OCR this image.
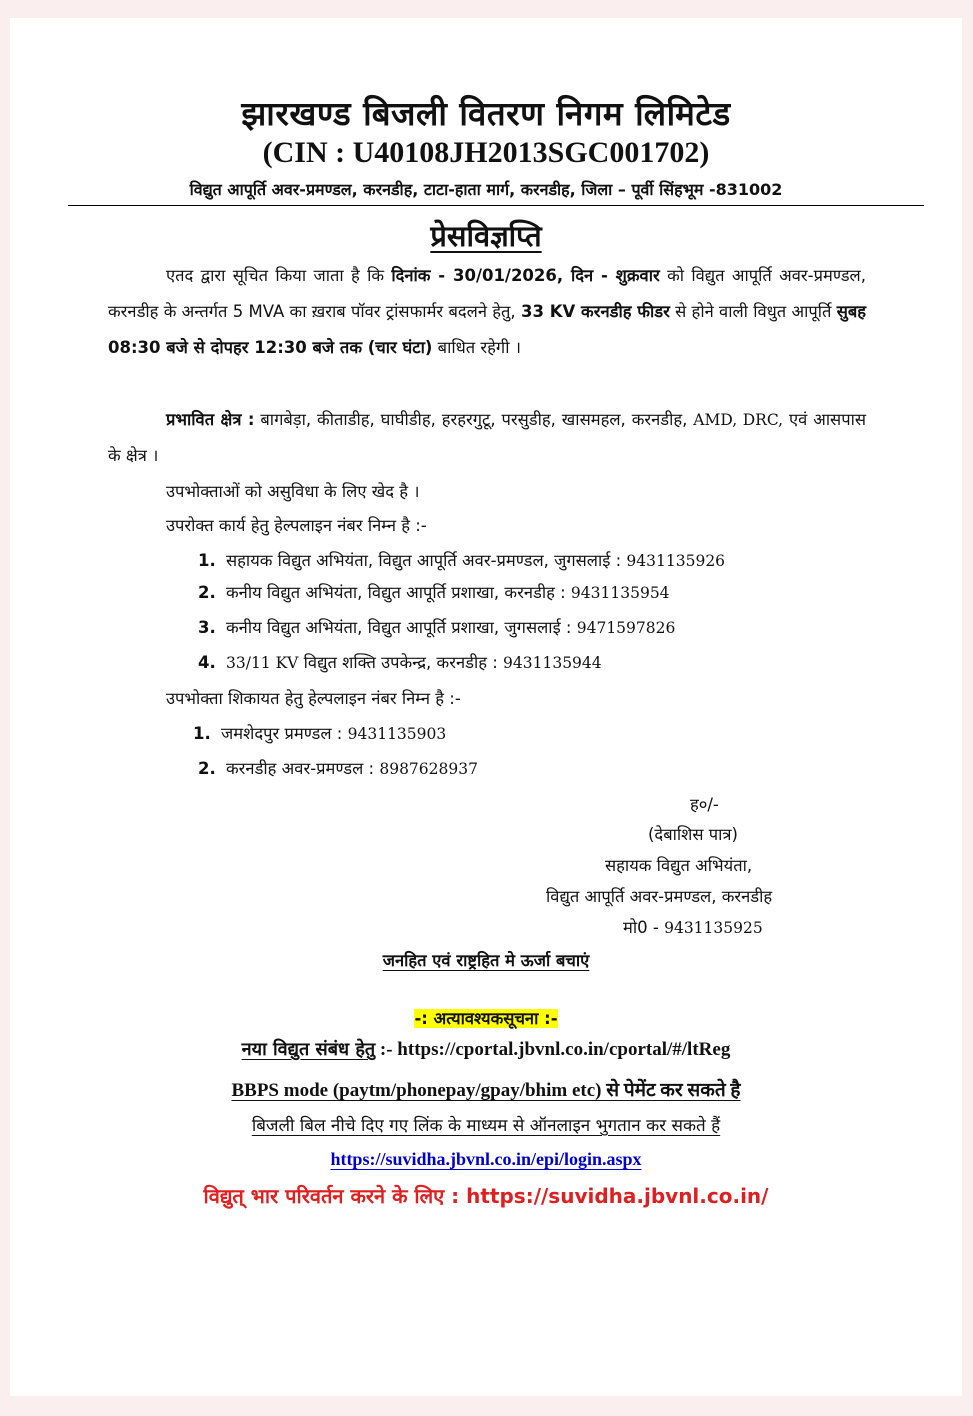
झारखण्ड बिजली वितरण निगम लिमिटेड
(CIN : U40108JH2013SGC001702)
विद्युत आपूर्ति अवर-प्रमण्डल, करनडीह, टाटा-हाता मार्ग, करनडीह, जिला – पूर्वी सिंहभूम -831002
प्रेसविज्ञप्ति
एतद द्वारा सूचित किया जाता है कि दिनांक - 30/01/2026, दिन - शुक्रवार को विद्युत आपूर्ति अवर-प्रमण्डल, करनडीह के अन्तर्गत 5 MVA का ख़राब पॉवर ट्रांसफार्मर बदलने हेतु, 33 KV करनडीह फीडर से होने वाली विधुत आपूर्ति सुबह 08:30 बजे से दोपहर 12:30 बजे तक (चार घंटा) बाधित रहेगी ।
प्रभावित क्षेत्र : बागबेड़ा, कीताडीह, घाघीडीह, हरहरगुटू, परसुडीह, खासमहल, करनडीह, AMD, DRC, एवं आसपास के क्षेत्र ।
उपभोक्ताओं को असुविधा के लिए खेद है ।
उपरोक्त कार्य हेतु हेल्पलाइन नंबर निम्न है :-
1. सहायक विद्युत अभियंता, विद्युत आपूर्ति अवर-प्रमण्डल, जुगसलाई : 9431135926
2. कनीय विद्युत अभियंता, विद्युत आपूर्ति प्रशाखा, करनडीह : 9431135954
3. कनीय विद्युत अभियंता, विद्युत आपूर्ति प्रशाखा, जुगसलाई : 9471597826
4. 33/11 KV विद्युत शक्ति उपकेन्द्र, करनडीह : 9431135944
उपभोक्ता शिकायत हेतु हेल्पलाइन नंबर निम्न है :-
1. जमशेदपुर प्रमण्डल : 9431135903
2. करनडीह अवर-प्रमण्डल : 8987628937
ह०/-
(देबाशिस पात्र)
सहायक विद्युत अभियंता,
विद्युत आपूर्ति अवर-प्रमण्डल, करनडीह
मो0 - 9431135925
जनहित एवं राष्ट्रहित मे ऊर्जा बचाएं
-: अत्यावश्यकसूचना :-
नया विद्युत संबंध हेतु :- https://cportal.jbvnl.co.in/cportal/#/ltReg
BBPS mode (paytm/phonepay/gpay/bhim etc) से पेमेंट कर सकते है
बिजली बिल नीचे दिए गए लिंक के माध्यम से ऑनलाइन भुगतान कर सकते हैं
https://suvidha.jbvnl.co.in/epi/login.aspx
विद्युत् भार परिवर्तन करने के लिए : https://suvidha.jbvnl.co.in/
